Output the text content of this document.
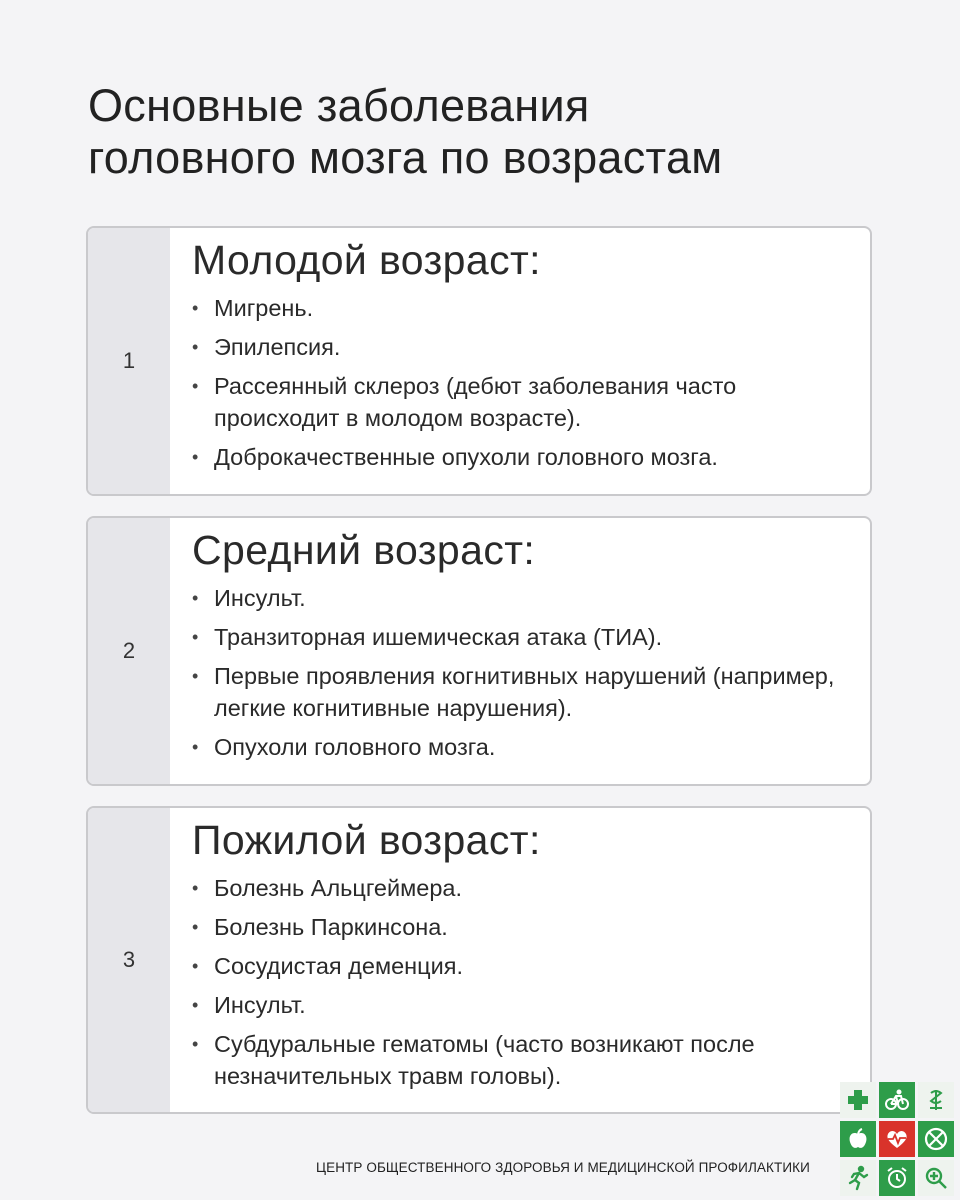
Основные заболевания
головного мозга по возрастам
1
Молодой возраст:
• Мигрень.
• Эпилепсия.
• Рассеянный склероз (дебют заболевания часто происходит в молодом возрасте).
• Доброкачественные опухоли головного мозга.
2
Средний возраст:
• Инсульт.
• Транзиторная ишемическая атака (ТИА).
• Первые проявления когнитивных нарушений (например, легкие когнитивные нарушения).
• Опухоли головного мозга.
3
Пожилой возраст:
• Болезнь Альцгеймера.
• Болезнь Паркинсона.
• Сосудистая деменция.
• Инсульт.
• Субдуральные гематомы (часто возникают после незначительных травм головы).
ЦЕНТР ОБЩЕСТВЕННОГО ЗДОРОВЬЯ И МЕДИЦИНСКОЙ ПРОФИЛАКТИКИ
